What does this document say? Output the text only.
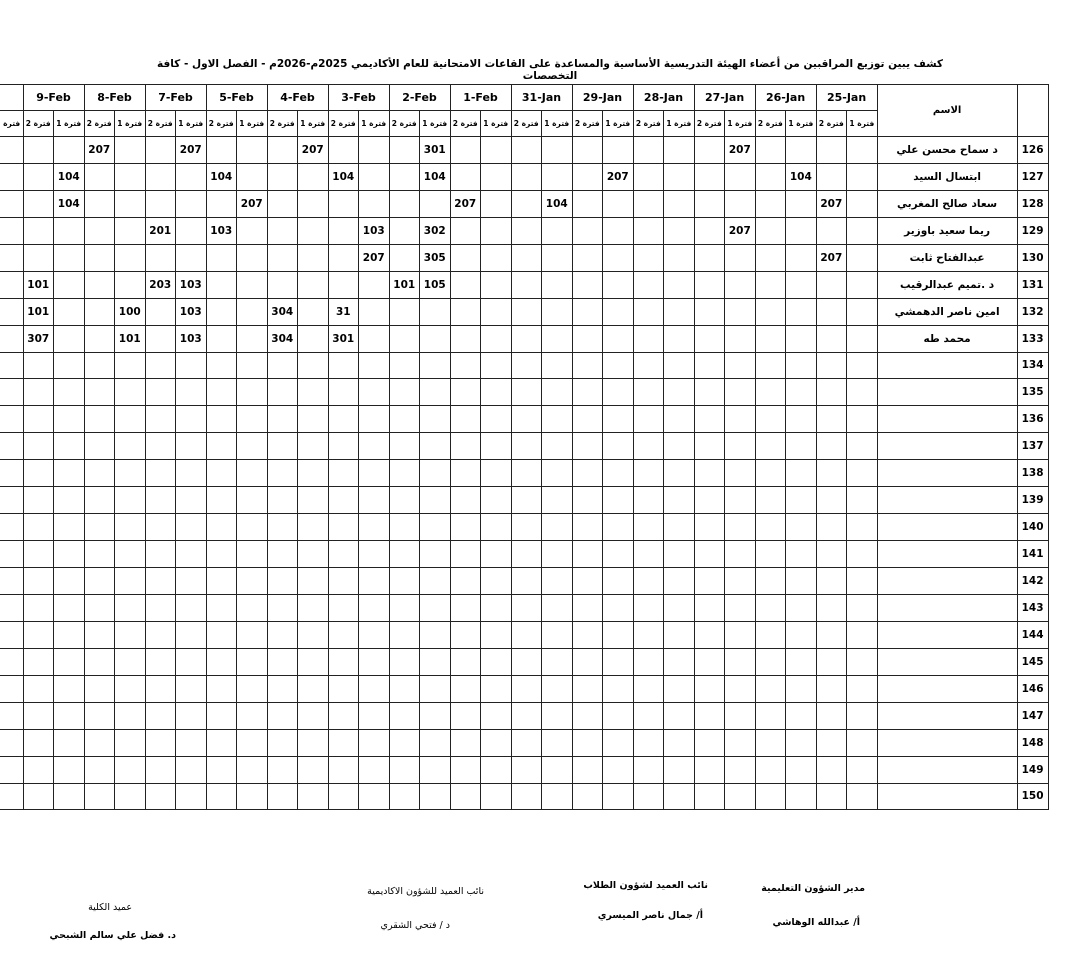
كشف يبين توزيع المراقبين من أعضاء الهيئة التدريسية الأساسية والمساعدة على القاعات الامتحانية للعام الأكاديمي 2025م-2026م - الفصل الاول - كافة التخصصات
	9-Feb		8-Feb		7-Feb		5-Feb		4-Feb		3-Feb		2-Feb		1-Feb		31-Jan		29-Jan		28-Jan		27-Jan		26-Jan		25-Jan		الاسم	
فترة	فترة 2	فترة 1	فترة 2	فترة 1	فترة 2	فترة 1	فترة 2	فترة 1	فترة 2	فترة 1	فترة 2	فترة 1	فترة 2	فترة 1	فترة 2	فترة 1	فترة 2	فترة 1	فترة 2	فترة 1	فترة 2	فترة 1	فترة 2	فترة 1	فترة 2	فترة 1	فترة 2	فترة 1		
			207			207				207				301										207					د سماح محسن علي	126
		104					104				104			104						207						104			ابتسال السيد	127
		104						207							207			104									207		سعاد صالح المغربي	128
					201		103					103		302										207					ريما سعيد باوزير	129
												207		305													207		عبدالفتاح ثابت	130
	101				203	103							101	105															د .تميم عبدالرقيب	131
	101			100		103			304		31																		امين ناصر الدهمشي	132
	307			101		103			304		301																		محمد طه	133
																														134
																														135
																														136
																														137
																														138
																														139
																														140
																														141
																														142
																														143
																														144
																														145
																														146
																														147
																														148
																														149
																														150
مدير الشؤون التعليمية
أ/ عبدالله الوهاشي
نائب العميد لشؤون الطلاب
أ/ جمال ناصر الميسري
نائب العميد للشؤون الاكاديمية
د / فتحي الشقري
عميد الكلية
د. فضل علي سالم الشبحي
